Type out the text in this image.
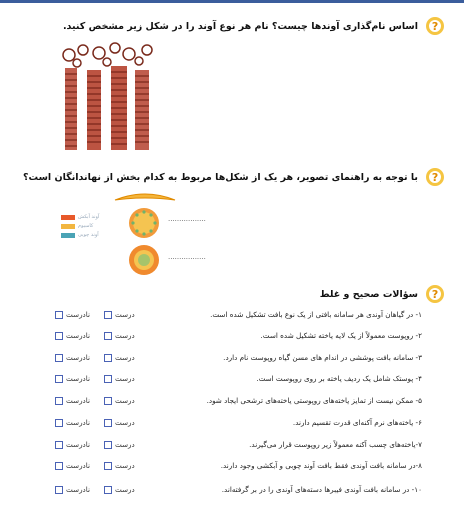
?
اساس نام‌گذاری آوندها چیست؟ نام هر نوع آوند را در شکل زیر مشخص کنید.
?
با توجه به راهنمای تصویر، هر یک از شکل‌ها مربوط به کدام بخش از نهاندانگان است؟
.................
.................
آوند آبکش
کامبیوم
آوند چوبی
?
سؤالات صحیح و غلط
۱- در گیاهان آوندی هر سامانه بافتی از یک نوع بافت تشکیل شده است.
درست
نادرست
۲- روپوست معمولاً از یک لایه یاخته تشکیل شده است.
درست
نادرست
۳- سامانه بافت پوششی در اندام های مسن گیاه روپوست نام دارد.
درست
نادرست
۴- پوستک شامل یک ردیف یاخته بر روی روپوست است.
درست
نادرست
۵- ممکن نیست از تمایز یاخته‌های روپوستی یاخته‌های ترشحی ایجاد شود.
درست
نادرست
۶- یاخته‌های نرم آکنه‌ای قدرت تقسیم دارند.
درست
نادرست
۷-یاخته‌های چسب آکنه معمولاً زیر روپوست قرار می‌گیرند.
درست
نادرست
۸-در سامانه بافت آوندی فقط بافت آوند چوبی و آبکشی وجود دارند.
درست
نادرست
۱۰- در سامانه بافت آوندی فیبرها دسته‌های آوندی را در بر گرفته‌اند.
درست
نادرست
